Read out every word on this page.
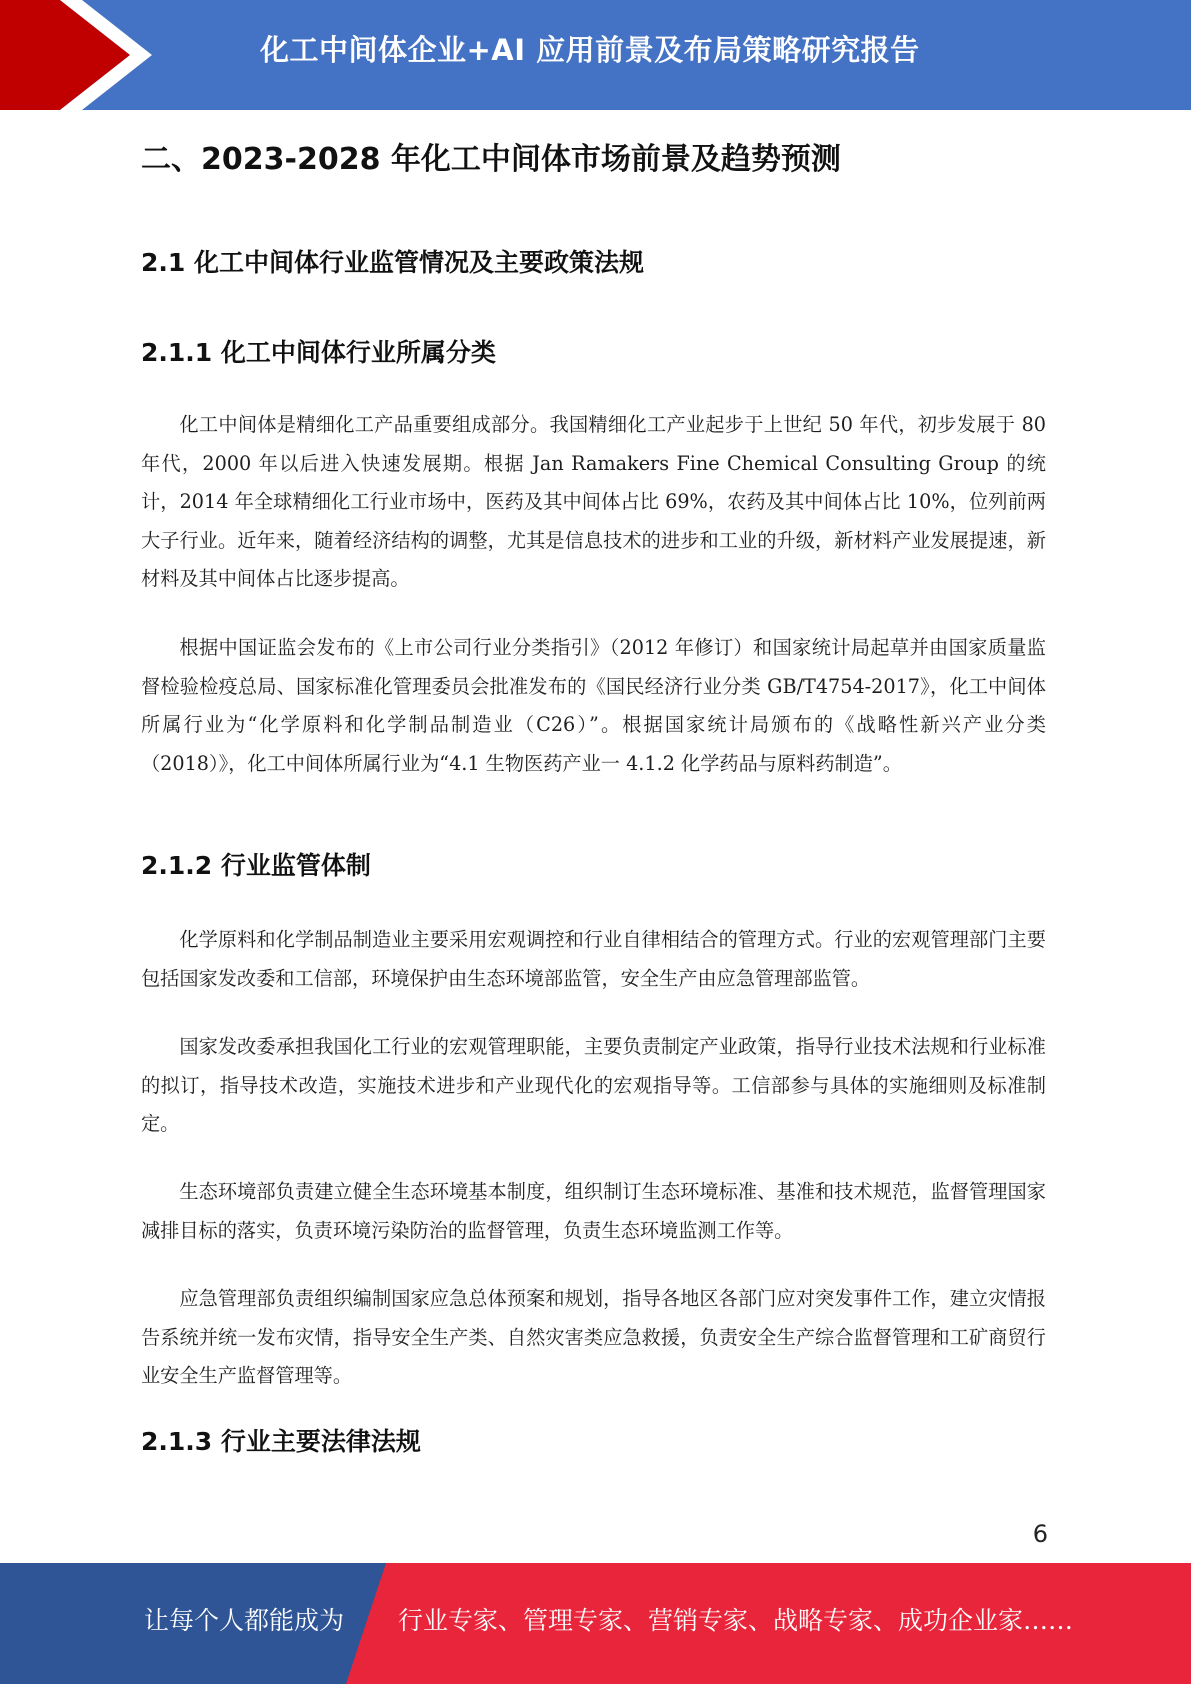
化工中间体企业+AI 应用前景及布局策略研究报告
二、2023-2028 年化工中间体市场前景及趋势预测
2.1 化工中间体行业监管情况及主要政策法规
2.1.1 化工中间体行业所属分类

化工中间体是精细化工产品重要组成部分。我国精细化工产业起步于上世纪 50 年代，初步发展于 80 年代，2000 年以后进入快速发展期。根据 Jan Ramakers Fine Chemical Consulting Group 的统计，2014 年全球精细化工行业市场中，医药及其中间体占比 69%，农药及其中间体占比 10%，位列前两大子行业。近年来，随着经济结构的调整，尤其是信息技术的进步和工业的升级，新材料产业发展提速，新材料及其中间体占比逐步提高。

根据中国证监会发布的《上市公司行业分类指引》（2012 年修订）和国家统计局起草并由国家质量监督检验检疫总局、国家标准化管理委员会批准发布的《国民经济行业分类 GB/T4754-2017》，化工中间体所属行业为“化学原料和化学制品制造业（C26）”。根据国家统计局颁布的《战略性新兴产业分类（2018）》，化工中间体所属行业为“4.1 生物医药产业一 4.1.2 化学药品与原料药制造”。

2.1.2 行业监管体制

化学原料和化学制品制造业主要采用宏观调控和行业自律相结合的管理方式。行业的宏观管理部门主要包括国家发改委和工信部，环境保护由生态环境部监管，安全生产由应急管理部监管。

国家发改委承担我国化工行业的宏观管理职能，主要负责制定产业政策，指导行业技术法规和行业标准的拟订，指导技术改造，实施技术进步和产业现代化的宏观指导等。工信部参与具体的实施细则及标准制定。

生态环境部负责建立健全生态环境基本制度，组织制订生态环境标准、基准和技术规范，监督管理国家减排目标的落实，负责环境污染防治的监督管理，负责生态环境监测工作等。

应急管理部负责组织编制国家应急总体预案和规划，指导各地区各部门应对突发事件工作，建立灾情报告系统并统一发布灾情，指导安全生产类、自然灾害类应急救援，负责安全生产综合监督管理和工矿商贸行业安全生产监督管理等。

2.1.3 行业主要法律法规
6
让每个人都能成为 行业专家、管理专家、营销专家、战略专家、成功企业家……
